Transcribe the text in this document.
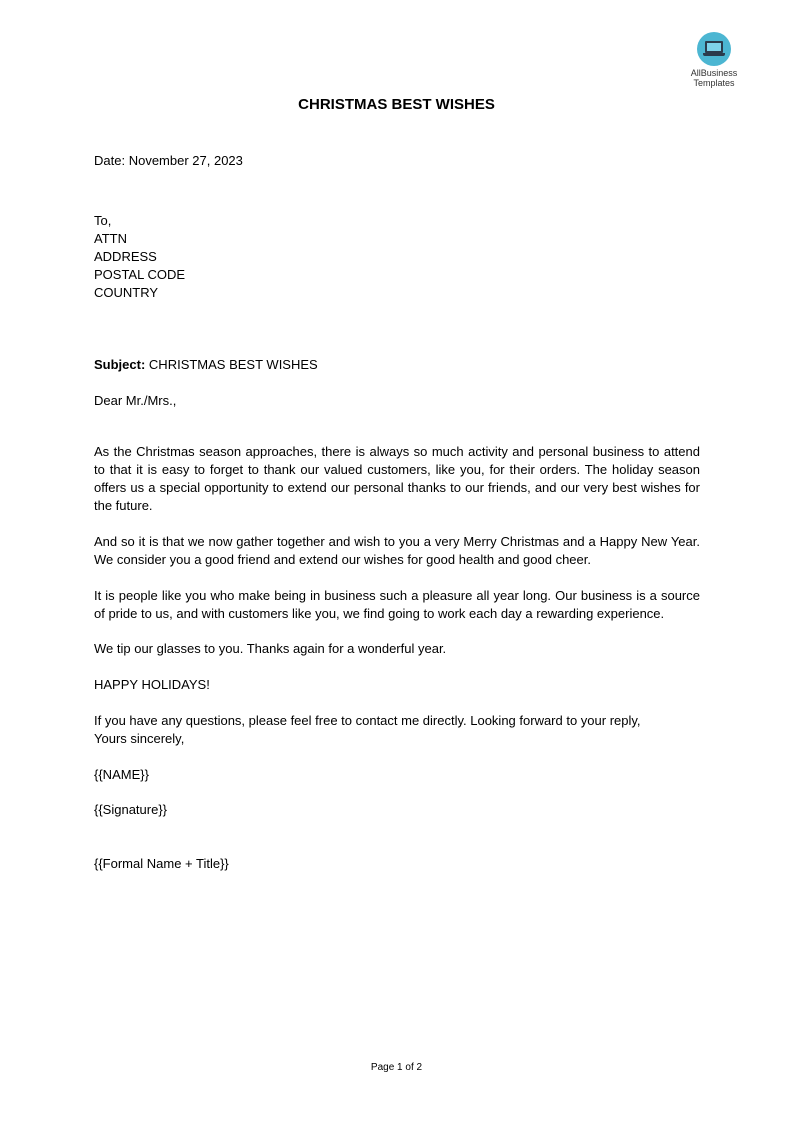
AllBusiness
Templates
CHRISTMAS BEST WISHES
Date: November 27, 2023
To,
ATTN
ADDRESS
POSTAL CODE
COUNTRY
Subject: CHRISTMAS BEST WISHES
Dear Mr./Mrs.,
As the Christmas season approaches, there is always so much activity and personal business to attend to that it is easy to forget to thank our valued customers, like you, for their orders. The holiday season offers us a special opportunity to extend our personal thanks to our friends, and our very best wishes for the future.
And so it is that we now gather together and wish to you a very Merry Christmas and a Happy New Year. We consider you a good friend and extend our wishes for good health and good cheer.
It is people like you who make being in business such a pleasure all year long. Our business is a source of pride to us, and with customers like you, we find going to work each day a rewarding experience.
We tip our glasses to you. Thanks again for a wonderful year.
HAPPY HOLIDAYS!
If you have any questions, please feel free to contact me directly. Looking forward to your reply,
Yours sincerely,
{{NAME}}
{{Signature}}
{{Formal Name + Title}}
Page 1 of 2
